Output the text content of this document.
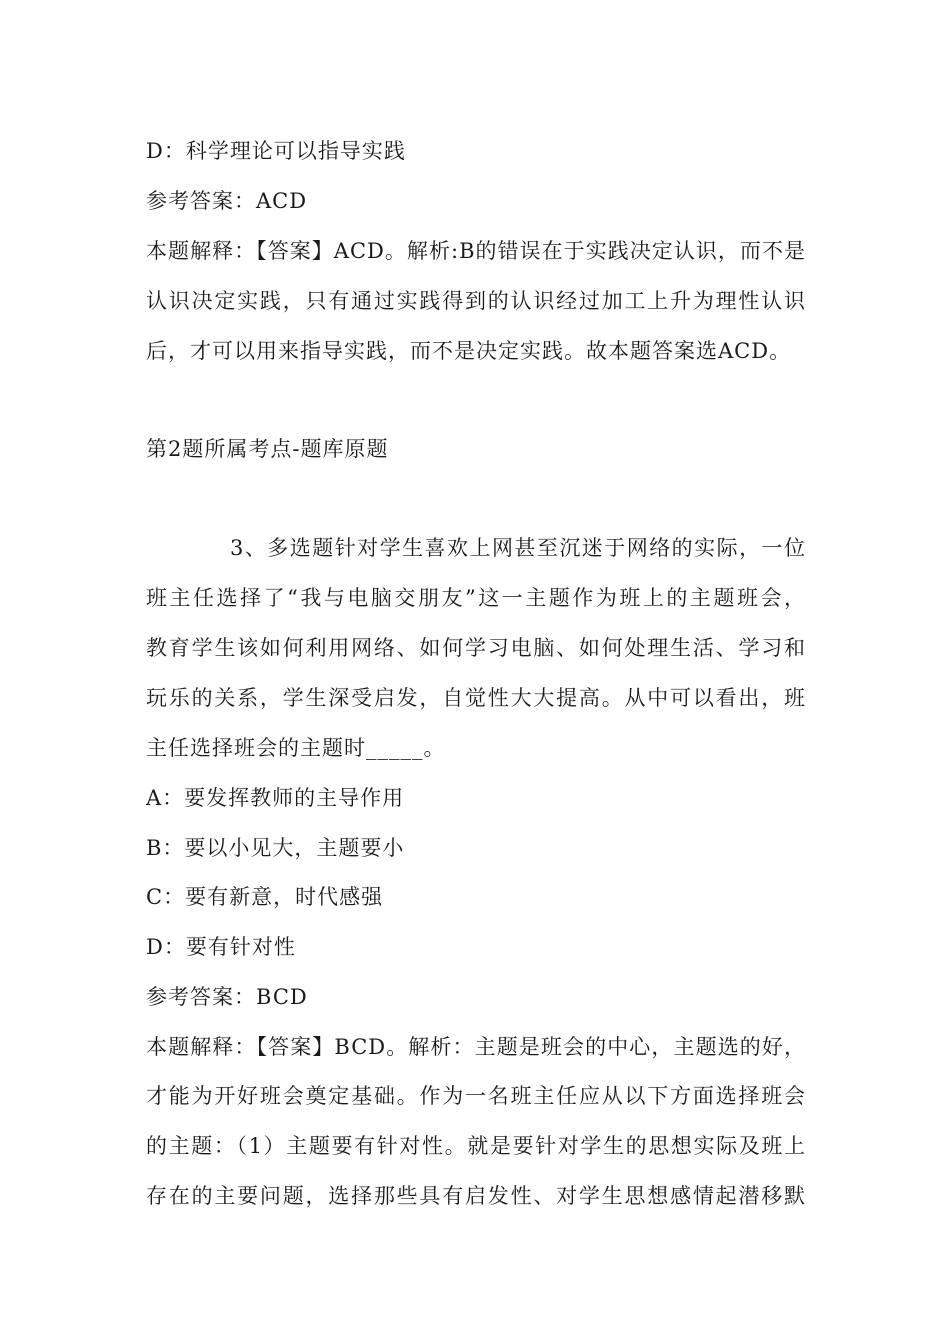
D：科学理论可以指导实践
参考答案：ACD
本题解释：【答案】ACD。解析:B的错误在于实践决定认识，而不是
认识决定实践，只有通过实践得到的认识经过加工上升为理性认识
后，才可以用来指导实践，而不是决定实践。故本题答案选ACD。
第2题所属考点-题库原题
3、多选题针对学生喜欢上网甚至沉迷于网络的实际，一位
班主任选择了“我与电脑交朋友”这一主题作为班上的主题班会，
教育学生该如何利用网络、如何学习电脑、如何处理生活、学习和
玩乐的关系，学生深受启发，自觉性大大提高。从中可以看出，班
主任选择班会的主题时_____。
A：要发挥教师的主导作用
B：要以小见大，主题要小
C：要有新意，时代感强
D：要有针对性
参考答案：BCD
本题解释：【答案】BCD。解析：主题是班会的中心，主题选的好，
才能为开好班会奠定基础。作为一名班主任应从以下方面选择班会
的主题：（1）主题要有针对性。就是要针对学生的思想实际及班上
存在的主要问题，选择那些具有启发性、对学生思想感情起潜移默
